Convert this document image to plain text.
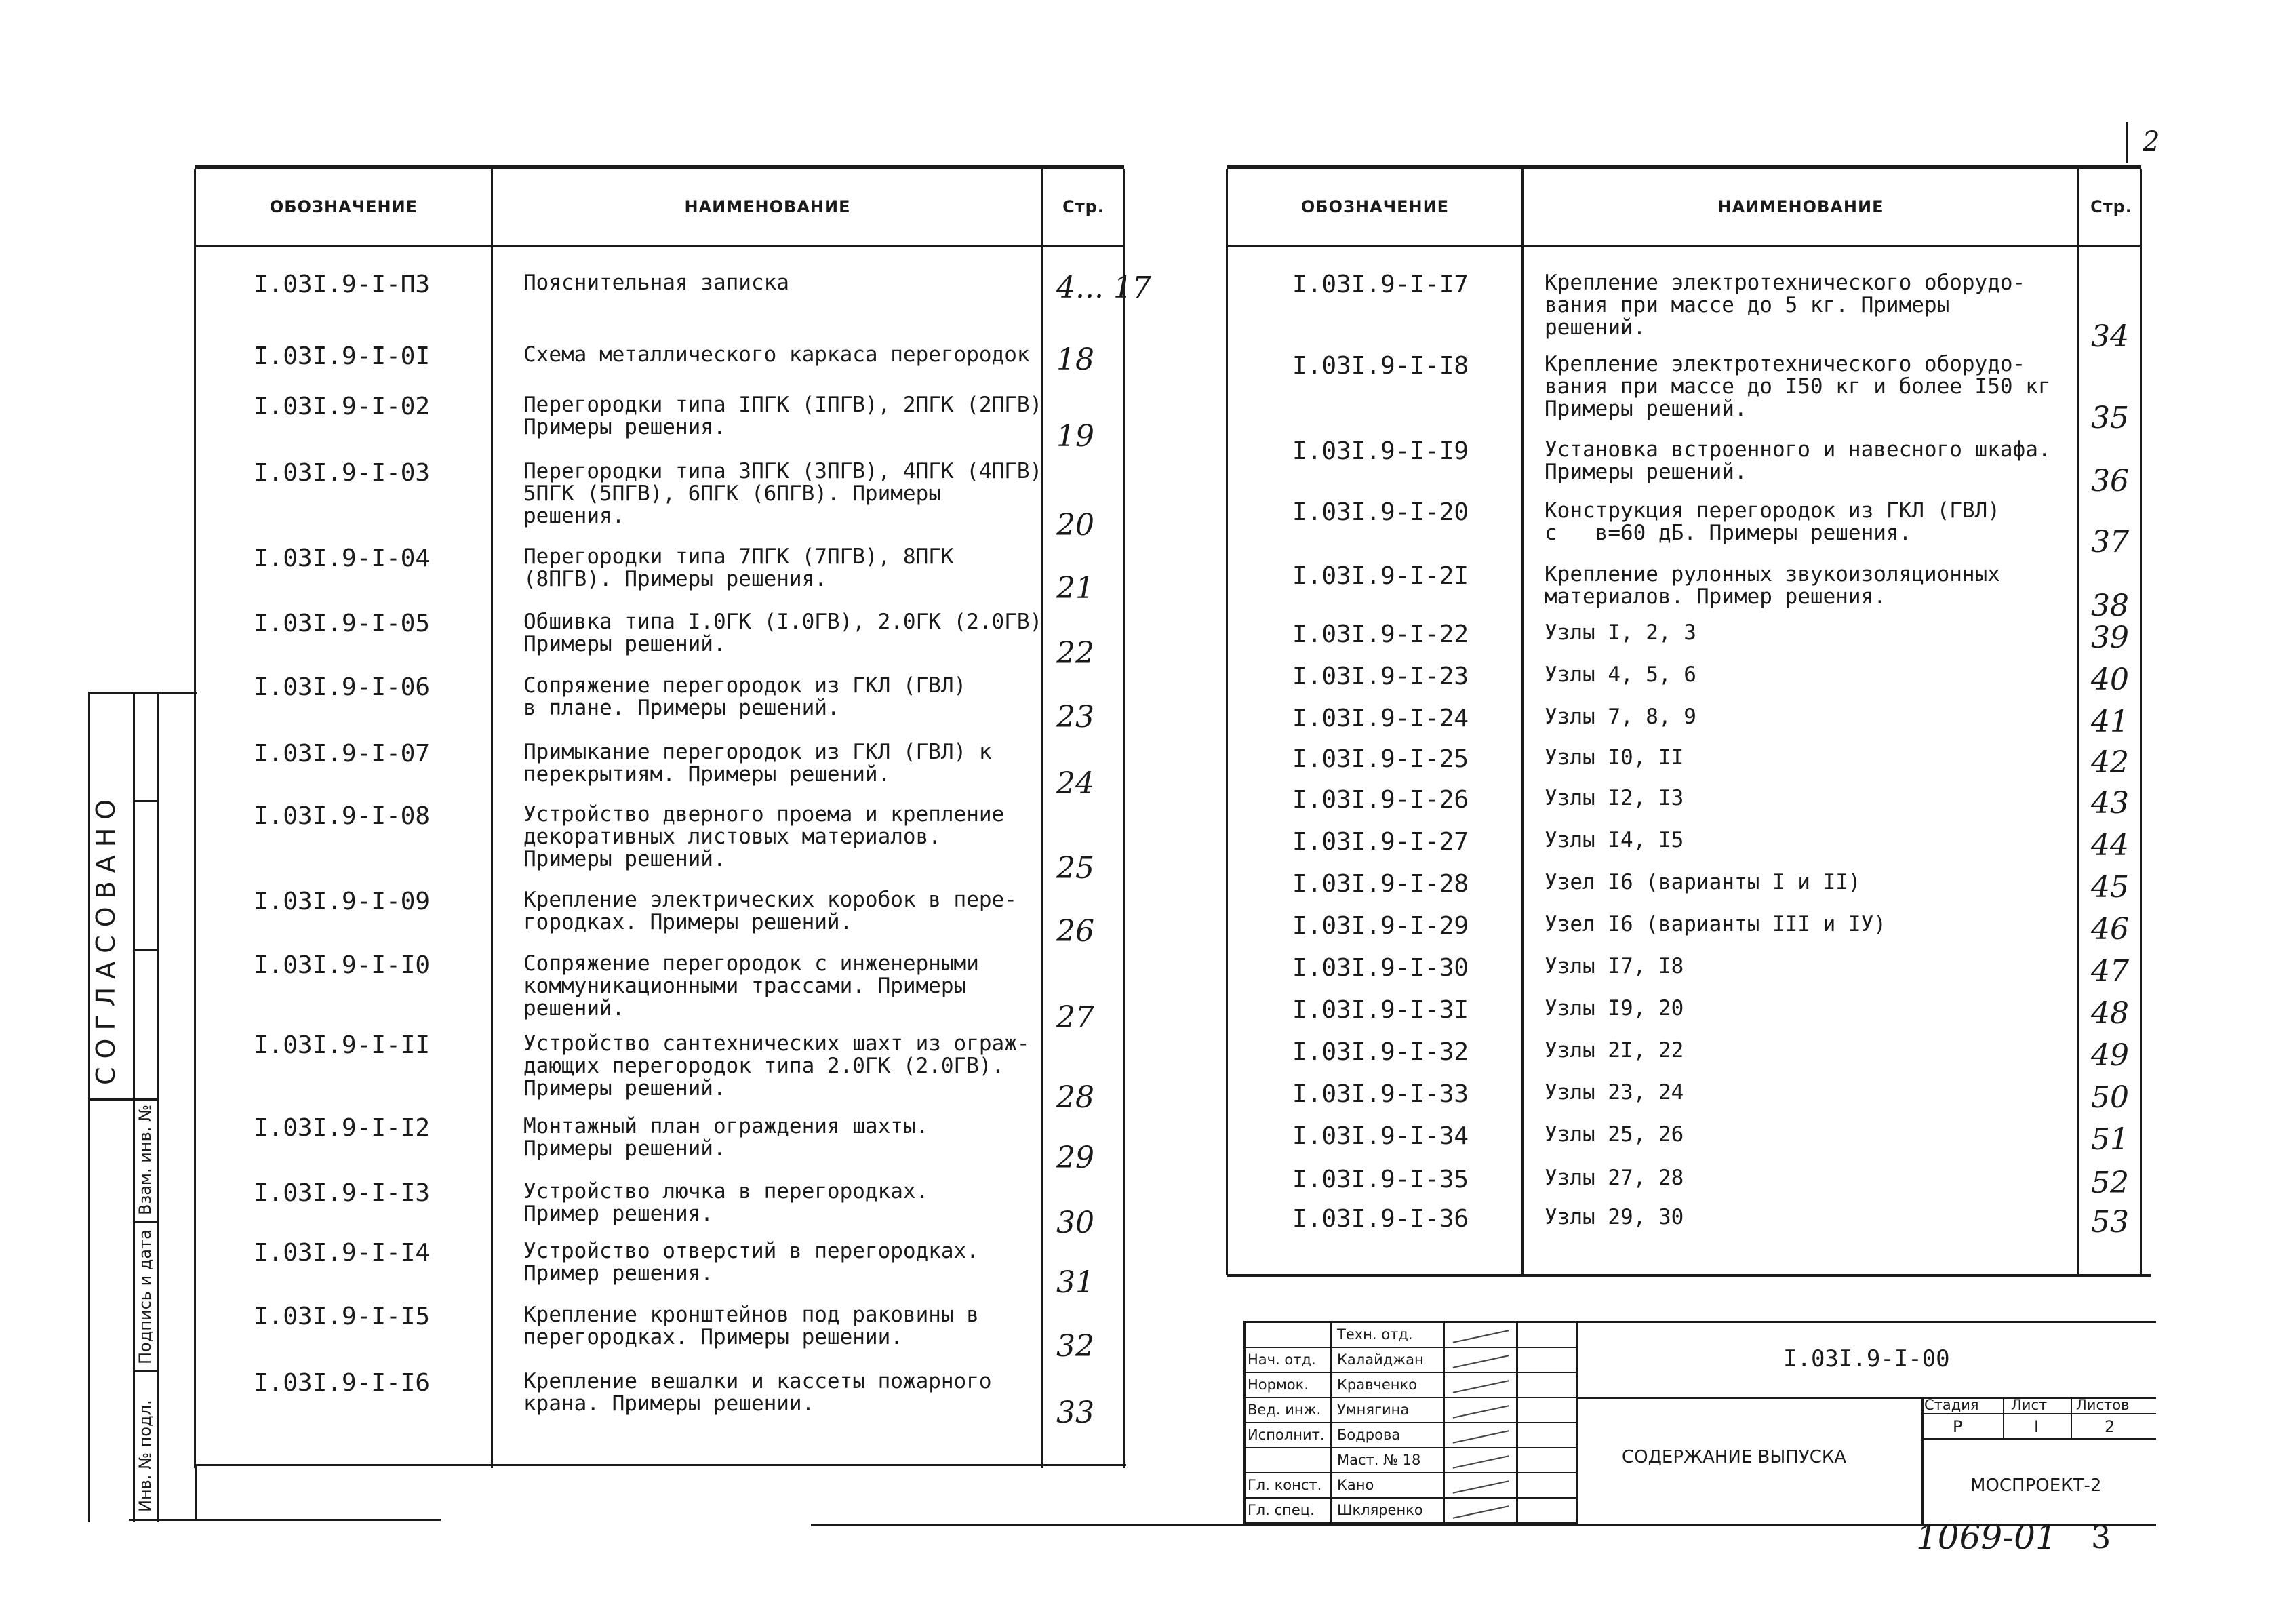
2
ОБОЗНАЧЕНИЕ	НАИМЕНОВАНИЕ	Стр.
I.03I.9-I-ПЗ	Пояснительная записка	4... 17
I.03I.9-I-0I	Схема металлического каркаса перегородок 18
I.03I.9-I-02	Перегородки типа IПГК (IПГВ), 2ПГК (2ПГВ)
Примеры решения.	19
I.03I.9-I-03	Перегородки типа 3ПГК (3ПГВ), 4ПГК (4ПГВ)
5ПГК (5ПГВ), 6ПГК (6ПГВ). Примеры
решения.	20
I.03I.9-I-04	Перегородки типа 7ПГК (7ПГВ), 8ПГК
(8ПГВ). Примеры решения.	21
I.03I.9-I-05	Обшивка типа I.0ГК (I.0ГВ), 2.0ГК (2.0ГВ)
Примеры решений.	22
I.03I.9-I-06	Сопряжение перегородок из ГКЛ (ГВЛ)
в плане. Примеры решений.	23
I.03I.9-I-07	Примыкание перегородок из ГКЛ (ГВЛ) к
перекрытиям. Примеры решений.	24
I.03I.9-I-08	Устройство дверного проема и крепление
декоративных листовых материалов.
Примеры решений.	25
I.03I.9-I-09	Крепление электрических коробок в пере-
городках. Примеры решений.	26
I.03I.9-I-I0	Сопряжение перегородок с инженерными
коммуникационными трассами. Примеры
решений.	27
I.03I.9-I-II	Устройство сантехнических шахт из ограж-
дающих перегородок типа 2.0ГК (2.0ГВ).
Примеры решений.	28
I.03I.9-I-I2	Монтажный план ограждения шахты.
Примеры решений.	29
I.03I.9-I-I3	Устройство лючка в перегородках.
Пример решения.	30
I.03I.9-I-I4	Устройство отверстий в перегородках.
Пример решения.	31
I.03I.9-I-I5	Крепление кронштейнов под раковины в
перегородках. Примеры решении.	32
I.03I.9-I-I6	Крепление вешалки и кассеты пожарного
крана. Примеры решении.	33
ОБОЗНАЧЕНИЕ	НАИМЕНОВАНИЕ	Стр.
I.03I.9-I-I7	Крепление электротехнического оборудо-
вания при массе до 5 кг. Примеры
решений.	34
I.03I.9-I-I8	Крепление электротехнического оборудо-
вания при массе до I50 кг и более I50 кг
Примеры решений.	35
I.03I.9-I-I9	Установка встроенного и навесного шкафа.
Примеры решений.	36
I.03I.9-I-20	Конструкция перегородок из ГКЛ (ГВЛ)
с   в=60 дБ. Примеры решения.	37
I.03I.9-I-2I	Крепление рулонных звукоизоляционных
материалов. Пример решения.	38
I.03I.9-I-22	Узлы I, 2, 3	39
I.03I.9-I-23	Узлы 4, 5, 6	40
I.03I.9-I-24	Узлы 7, 8, 9	41
I.03I.9-I-25	Узлы I0, II	42
I.03I.9-I-26	Узлы I2, I3	43
I.03I.9-I-27	Узлы I4, I5	44
I.03I.9-I-28	Узел I6 (варианты I и II)	45
I.03I.9-I-29	Узел I6 (варианты III и IУ)	46
I.03I.9-I-30	Узлы I7, I8	47
I.03I.9-I-3I	Узлы I9, 20	48
I.03I.9-I-32	Узлы 2I, 22	49
I.03I.9-I-33	Узлы 23, 24	50
I.03I.9-I-34	Узлы 25, 26	51
I.03I.9-I-35	Узлы 27, 28	52
I.03I.9-I-36	Узлы 29, 30	53
СОГЛАСОВАНО
Инв. № подл.
Подпись и дата
Взам. инв. №
Техн. отд.
Нач. отд. Калайджан
Нормок. Кравченко
Вед. инж. Умнягина
Исполнит. Бодрова
Маст. № 18
Гл. конст. Кано
Гл. спец. Шкляренко
I.03I.9-I-00
СОДЕРЖАНИЕ ВЫПУСКА
МОСПРОЕКТ-2
Стадия Лист Листов
Р	I	2
1069-01 3
